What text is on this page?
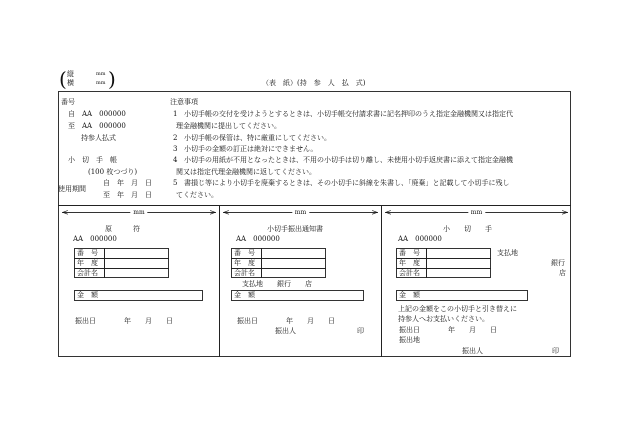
( 縦	mm
横	mm )	（表　紙）(持　参　人　払　式)
番号
自　AA　000000
至　AA　000000
持参人払式
小　切　手　帳
(100 枚つづり)
使用期間
自　年　月　日
至　年　月　日
注意事項
1 小切手帳の交付を受けようとするときは、小切手帳交付請求書に記名押印のうえ指定金融機関又は指定代
理金融機関に提出してください。
2 小切手帳の保管は、特に厳重にしてください。
3 小切手の金額の訂正は絶対にできません。
4 小切手の用紙が不用となったときは、不用の小切手は切り離し、未使用小切手返戻書に添えて指定金融機
関又は指定代理金融機関に返してください。
5 書損じ等により小切手を廃棄するときは、その小切手に斜線を朱書し、「廃棄」と記載して小切手に残し
てください。
<	>
mm	<	>
mm	<	>
mm
原　　　符
AA　000000
番　号
年　度
会計名
金　額
振出日　　　　年　　月　　日
小切手振出通知書
AA　000000
番　号
年　度
会計名
支払地　　銀行　　店
金　額
振出日　　　　年　　月　　日
振出人	印
小　　切　　手
AA　000000
番　号
年　度
会計名
支払地
銀行
店
金　額
上記の金額をこの小切手と引き替えに
持参人へお支払いください。
振出日　　　　年　　月　　日
振出地
振出人	印
